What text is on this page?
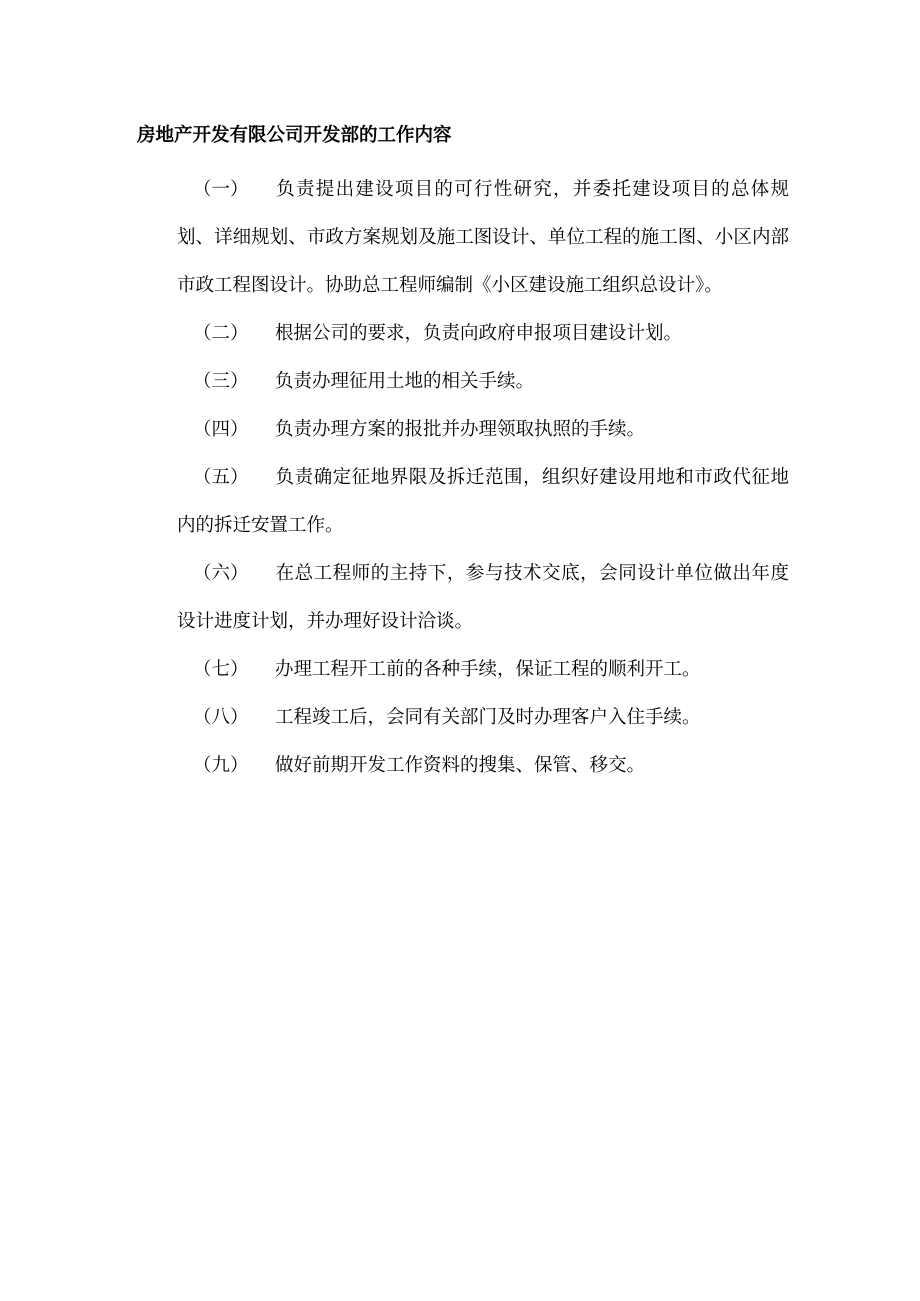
房地产开发有限公司开发部的工作内容

（一） 负责提出建设项目的可行性研究，并委托建设项目的总体规划、详细规划、市政方案规划及施工图设计、单位工程的施工图、小区内部市政工程图设计。协助总工程师编制《小区建设施工组织总设计》。

（二） 根据公司的要求，负责向政府申报项目建设计划。

（三） 负责办理征用土地的相关手续。

（四） 负责办理方案的报批并办理领取执照的手续。

（五） 负责确定征地界限及拆迁范围，组织好建设用地和市政代征地内的拆迁安置工作。

（六） 在总工程师的主持下，参与技术交底，会同设计单位做出年度设计进度计划，并办理好设计洽谈。

（七） 办理工程开工前的各种手续，保证工程的顺利开工。

（八） 工程竣工后，会同有关部门及时办理客户入住手续。

（九） 做好前期开发工作资料的搜集、保管、移交。
